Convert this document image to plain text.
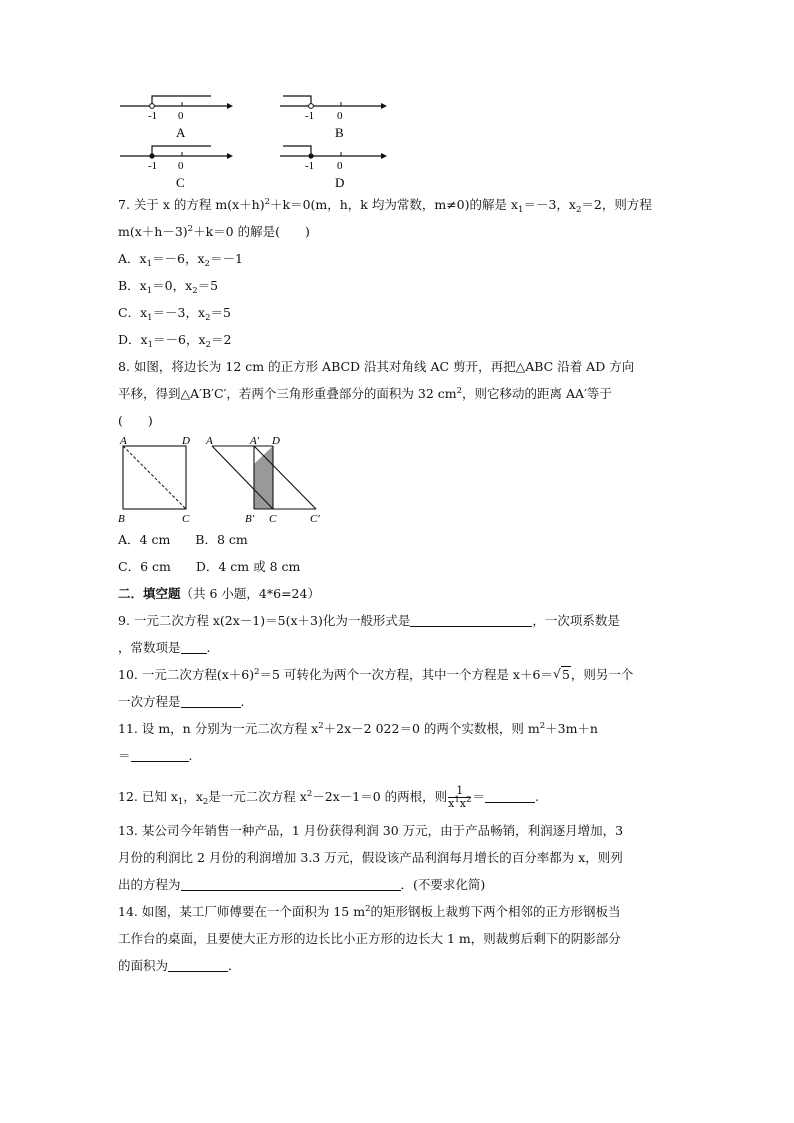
-1 0
A
-1 0
B
-1 0
C
-1 0
D
7. 关于 x 的方程 $m(x+h)^2+k=0(m$，h，k 均为常数，m≠0)的解是 $x_1=-3$，$x_2=2$，则方程
$m(x+h-3)^2+k=0$ 的解是(　　)
A．$x_1=-6$，$x_2=-1$
B．$x_1=0$，$x_2=5$
C．$x_1=-3$，$x_2=5$
D．$x_1=-6$，$x_2=2$
8. 如图，将边长为 12 cm 的正方形 ABCD 沿其对角线 AC 剪开，再把△ABC 沿着 AD 方向
平移，得到△A′B′C′，若两个三角形重叠部分的面积为 32 $cm^2$，则它移动的距离 AA′等于
(　　)
A	D
B	C
A	A′ D
B′ C	C′
A．4 cm　　B．8 cm
C．6 cm　　D．4 cm 或 8 cm
二．填空题（共 6 小题，4*6=24）
9. 一元二次方程 x(2x－1)＝5(x＋3)化为一般形式是	，一次项系数是
，常数项是 .
10. 一元二次方程$(x+6)^2=5$ 可转化为两个一次方程，其中一个方程是 x＋6＝ √ 5，则另一个
一次方程是	.
11. 设 m，n 分别为一元二次方程 $x^2+2x-2$ 022＝0 的两个实数根，则 $m^2+3m+n$
＝	.
12. 已知 $x_1$，$x_2$是一元二次方程 $x^2-2x-1=0$ 的两根，则 $\frac{1}{x^1x^2}$ ＝	.
13. 某公司今年销售一种产品，1 月份获得利润 30 万元，由于产品畅销，利润逐月增加，3
月份的利润比 2 月份的利润增加 3.3 万元，假设该产品利润每月增长的百分率都为 x，则列
出的方程为	．(不要求化简)
14. 如图，某工厂师傅要在一个面积为 15 $m^2$的矩形钢板上裁剪下两个相邻的正方形钢板当
工作台的桌面，且要使大正方形的边长比小正方形的边长大 1 m，则裁剪后剩下的阴影部分
的面积为	．
